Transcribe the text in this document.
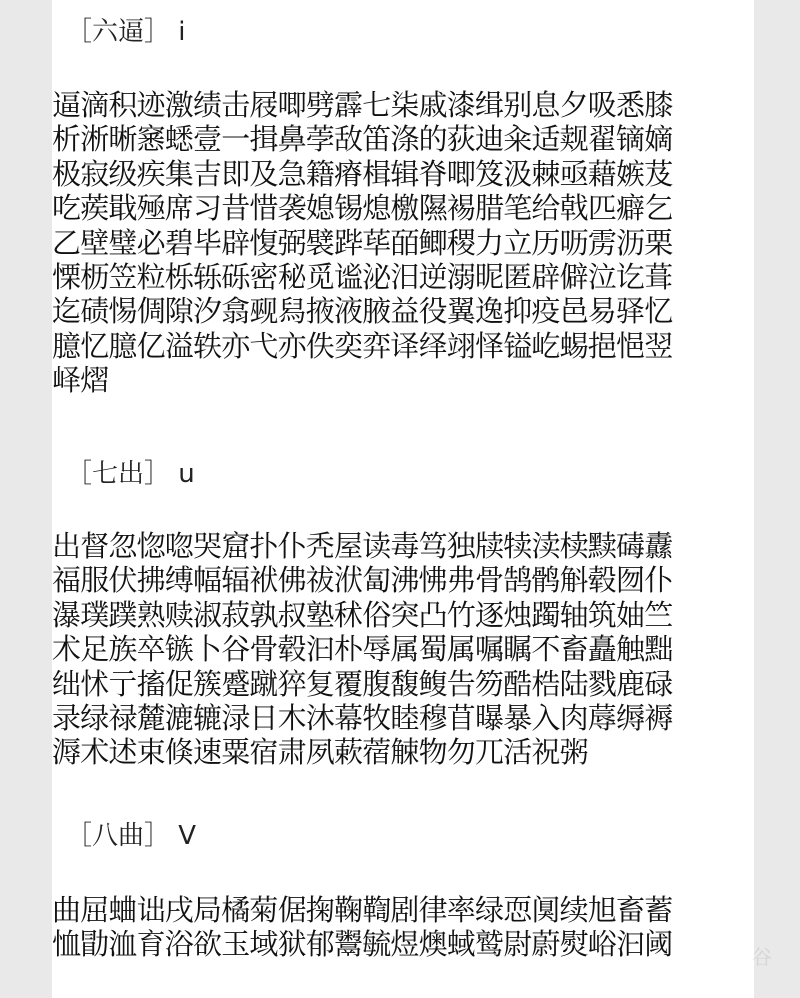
［六逼］ i
逼滴积迹激绩击屐唧劈霹七柒戚漆缉别息夕吸悉膝
析淅晰窸蟋壹一揖鼻荸敌笛涤的荻迪籴适觌翟镝嫡
极寂级疾集吉即及急籍瘠楫辑脊唧笈汲棘亟藉嫉芨
吃蒺戢殛席习昔惜袭媳锡熄檄隰裼腊笔给戟匹癖乞
乙壁璧必碧毕辟愎弼襞跸荜皕鲫稷力立历呖雳沥栗
慄枥笠粒栎轹砾密秘觅谧泌汨逆溺昵匿辟僻泣讫葺
迄碛惕倜隙汐翕觋舄掖液腋益役翼逸抑疫邑易驿忆
臆忆臆亿溢轶亦弋亦佚奕弈译绎翊怿镒屹蜴挹悒翌
峄熠
［七出］ u
出督忽惚唿哭窟扑仆秃屋读毒笃独牍犊渎椟黩碡纛
福服伏拂缚幅辐袱佛祓洑匐沸怫弗骨鹄鹘斛毂囫仆
瀑璞蹼熟赎淑菽孰叔塾秫俗突凸竹逐烛躅轴筑妯竺
术足族卒镞卜谷骨毂汩朴辱属蜀属嘱瞩不畜矗触黜
绌怵亍搐促簇蹙蹴猝复覆腹馥鳆告笏酷梏陆戮鹿碌
录绿禄麓漉辘渌日木沐幕牧睦穆苜曝暴入肉蓐缛褥
溽术述束倏速粟宿肃夙蔌蓿觫物勿兀活祝粥
［八曲］ V
曲屈蛐诎戌局橘菊倨掬鞠鞫剧律率绿恧阒续旭畜蓄
恤勖洫育浴欲玉域狱郁鬻毓煜燠蜮鹫尉蔚熨峪汩阈	谷
